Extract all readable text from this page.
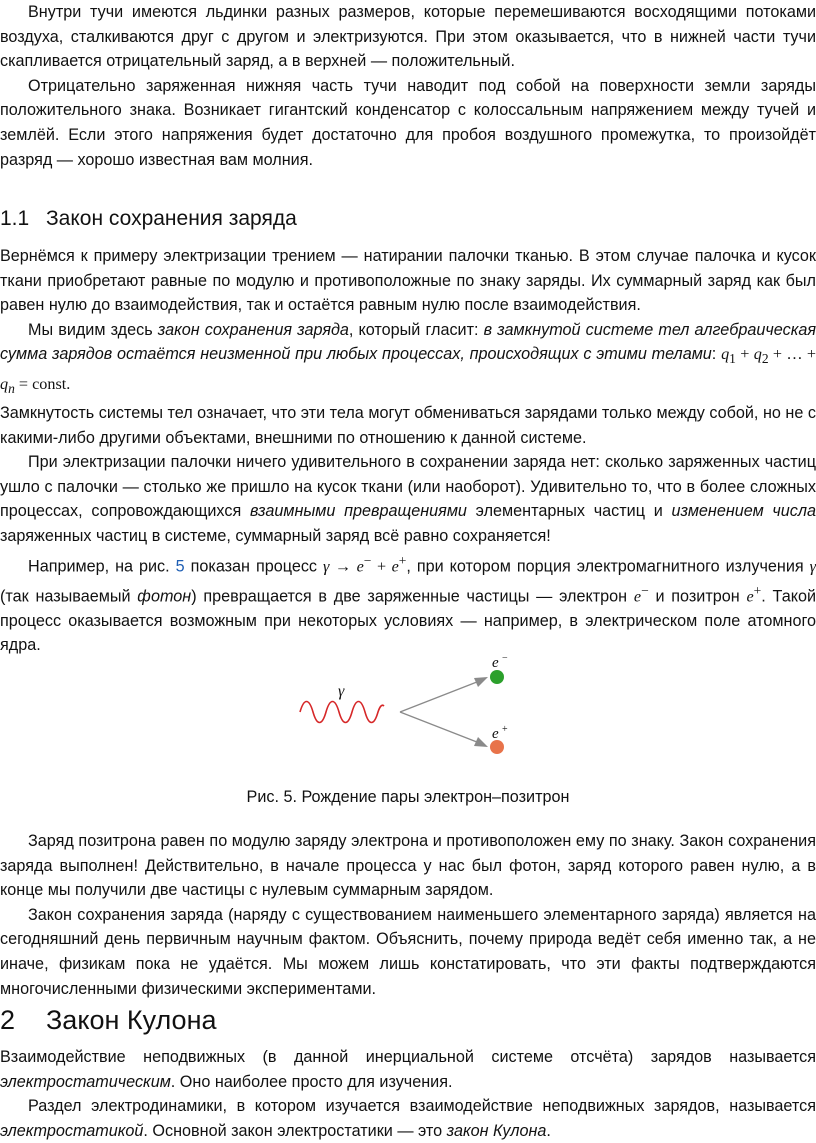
Внутри тучи имеются льдинки разных размеров, которые перемешиваются восходящими потоками воздуха, сталкиваются друг с другом и электризуются. При этом оказывается, что в нижней части тучи скапливается отрицательный заряд, а в верхней — положительный.

Отрицательно заряженная нижняя часть тучи наводит под собой на поверхности земли заряды положительного знака. Возникает гигантский конденсатор с колоссальным напряжением между тучей и землёй. Если этого напряжения будет достаточно для пробоя воздушного промежутка, то произойдёт разряд — хорошо известная вам молния.

1.1 Закон сохранения заряда

Вернёмся к примеру электризации трением — натирании палочки тканью. В этом случае палочка и кусок ткани приобретают равные по модулю и противоположные по знаку заряды. Их суммарный заряд как был равен нулю до взаимодействия, так и остаётся равным нулю после взаимодействия.

Мы видим здесь закон сохранения заряда, который гласит: в замкнутой системе тел алгебраическая сумма зарядов остаётся неизменной при любых процессах, происходящих с этими телами: $q_1 + q_2$ + … + $q_n$ = const.

Замкнутость системы тел означает, что эти тела могут обмениваться зарядами только между собой, но не с какими-либо другими объектами, внешними по отношению к данной системе.

При электризации палочки ничего удивительного в сохранении заряда нет: сколько заряженных частиц ушло с палочки — столько же пришло на кусок ткани (или наоборот). Удивительно то, что в более сложных процессах, сопровождающихся взаимными превращениями элементарных частиц и изменением числа заряженных частиц в системе, суммарный заряд всё равно сохраняется!

Например, на рис. 5 показан процесс γ → e− + e+, при котором порция электромагнитного излучения γ (так называемый фотон) превращается в две заряженные частицы — электрон e− и позитрон e+. Такой процесс оказывается возможным при некоторых условиях — например, в электрическом поле атомного ядра.

γ
e −
e +

Рис. 5. Рождение пары электрон–позитрон

Заряд позитрона равен по модулю заряду электрона и противоположен ему по знаку. Закон сохранения заряда выполнен! Действительно, в начале процесса у нас был фотон, заряд которого равен нулю, а в конце мы получили две частицы с нулевым суммарным зарядом.

Закон сохранения заряда (наряду с существованием наименьшего элементарного заряда) является на сегодняшний день первичным научным фактом. Объяснить, почему природа ведёт себя именно так, а не иначе, физикам пока не удаётся. Мы можем лишь констатировать, что эти факты подтверждаются многочисленными физическими экспериментами.

2 Закон Кулона

Взаимодействие неподвижных (в данной инерциальной системе отсчёта) зарядов называется электростатическим. Оно наиболее просто для изучения.

Раздел электродинамики, в котором изучается взаимодействие неподвижных зарядов, называется электростатикой. Основной закон электростатики — это закон Кулона.
